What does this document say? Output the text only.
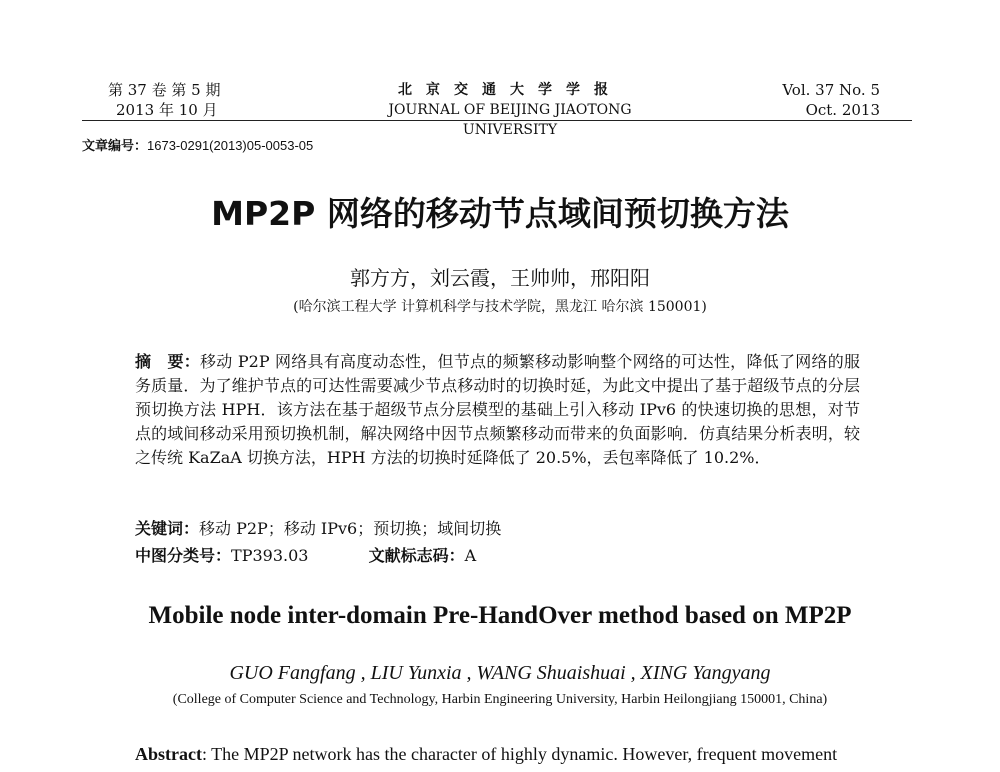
第 37 卷 第 5 期
2013 年 10 月
北京交通大学学报
JOURNAL OF BEIJING JIAOTONG UNIVERSITY
Vol. 37 No. 5
Oct. 2013
文章编号：1673-0291(2013)05-0053-05
MP2P 网络的移动节点域间预切换方法
郭方方，刘云霞，王帅帅，邢阳阳
(哈尔滨工程大学 计算机科学与技术学院，黑龙江 哈尔滨 150001)
摘　要：移动 P2P 网络具有高度动态性，但节点的频繁移动影响整个网络的可达性，降低了网络的服务质量．为了维护节点的可达性需要减少节点移动时的切换时延，为此文中提出了基于超级节点的分层预切换方法 HPH．该方法在基于超级节点分层模型的基础上引入移动 IPv6 的快速切换的思想，对节点的域间移动采用预切换机制，解决网络中因节点频繁移动而带来的负面影响．仿真结果分析表明，较之传统 KaZaA 切换方法，HPH 方法的切换时延降低了 20.5%，丢包率降低了 10.2%．
关键词：移动 P2P；移动 IPv6；预切换；域间切换
中图分类号：TP393.03	文献标志码：A
Mobile node inter-domain Pre-HandOver method based on MP2P
GUO Fangfang , LIU Yunxia , WANG Shuaishuai , XING Yangyang
(College of Computer Science and Technology, Harbin Engineering University, Harbin Heilongjiang 150001, China)
Abstract: The MP2P network has the character of highly dynamic. However, frequent movement
